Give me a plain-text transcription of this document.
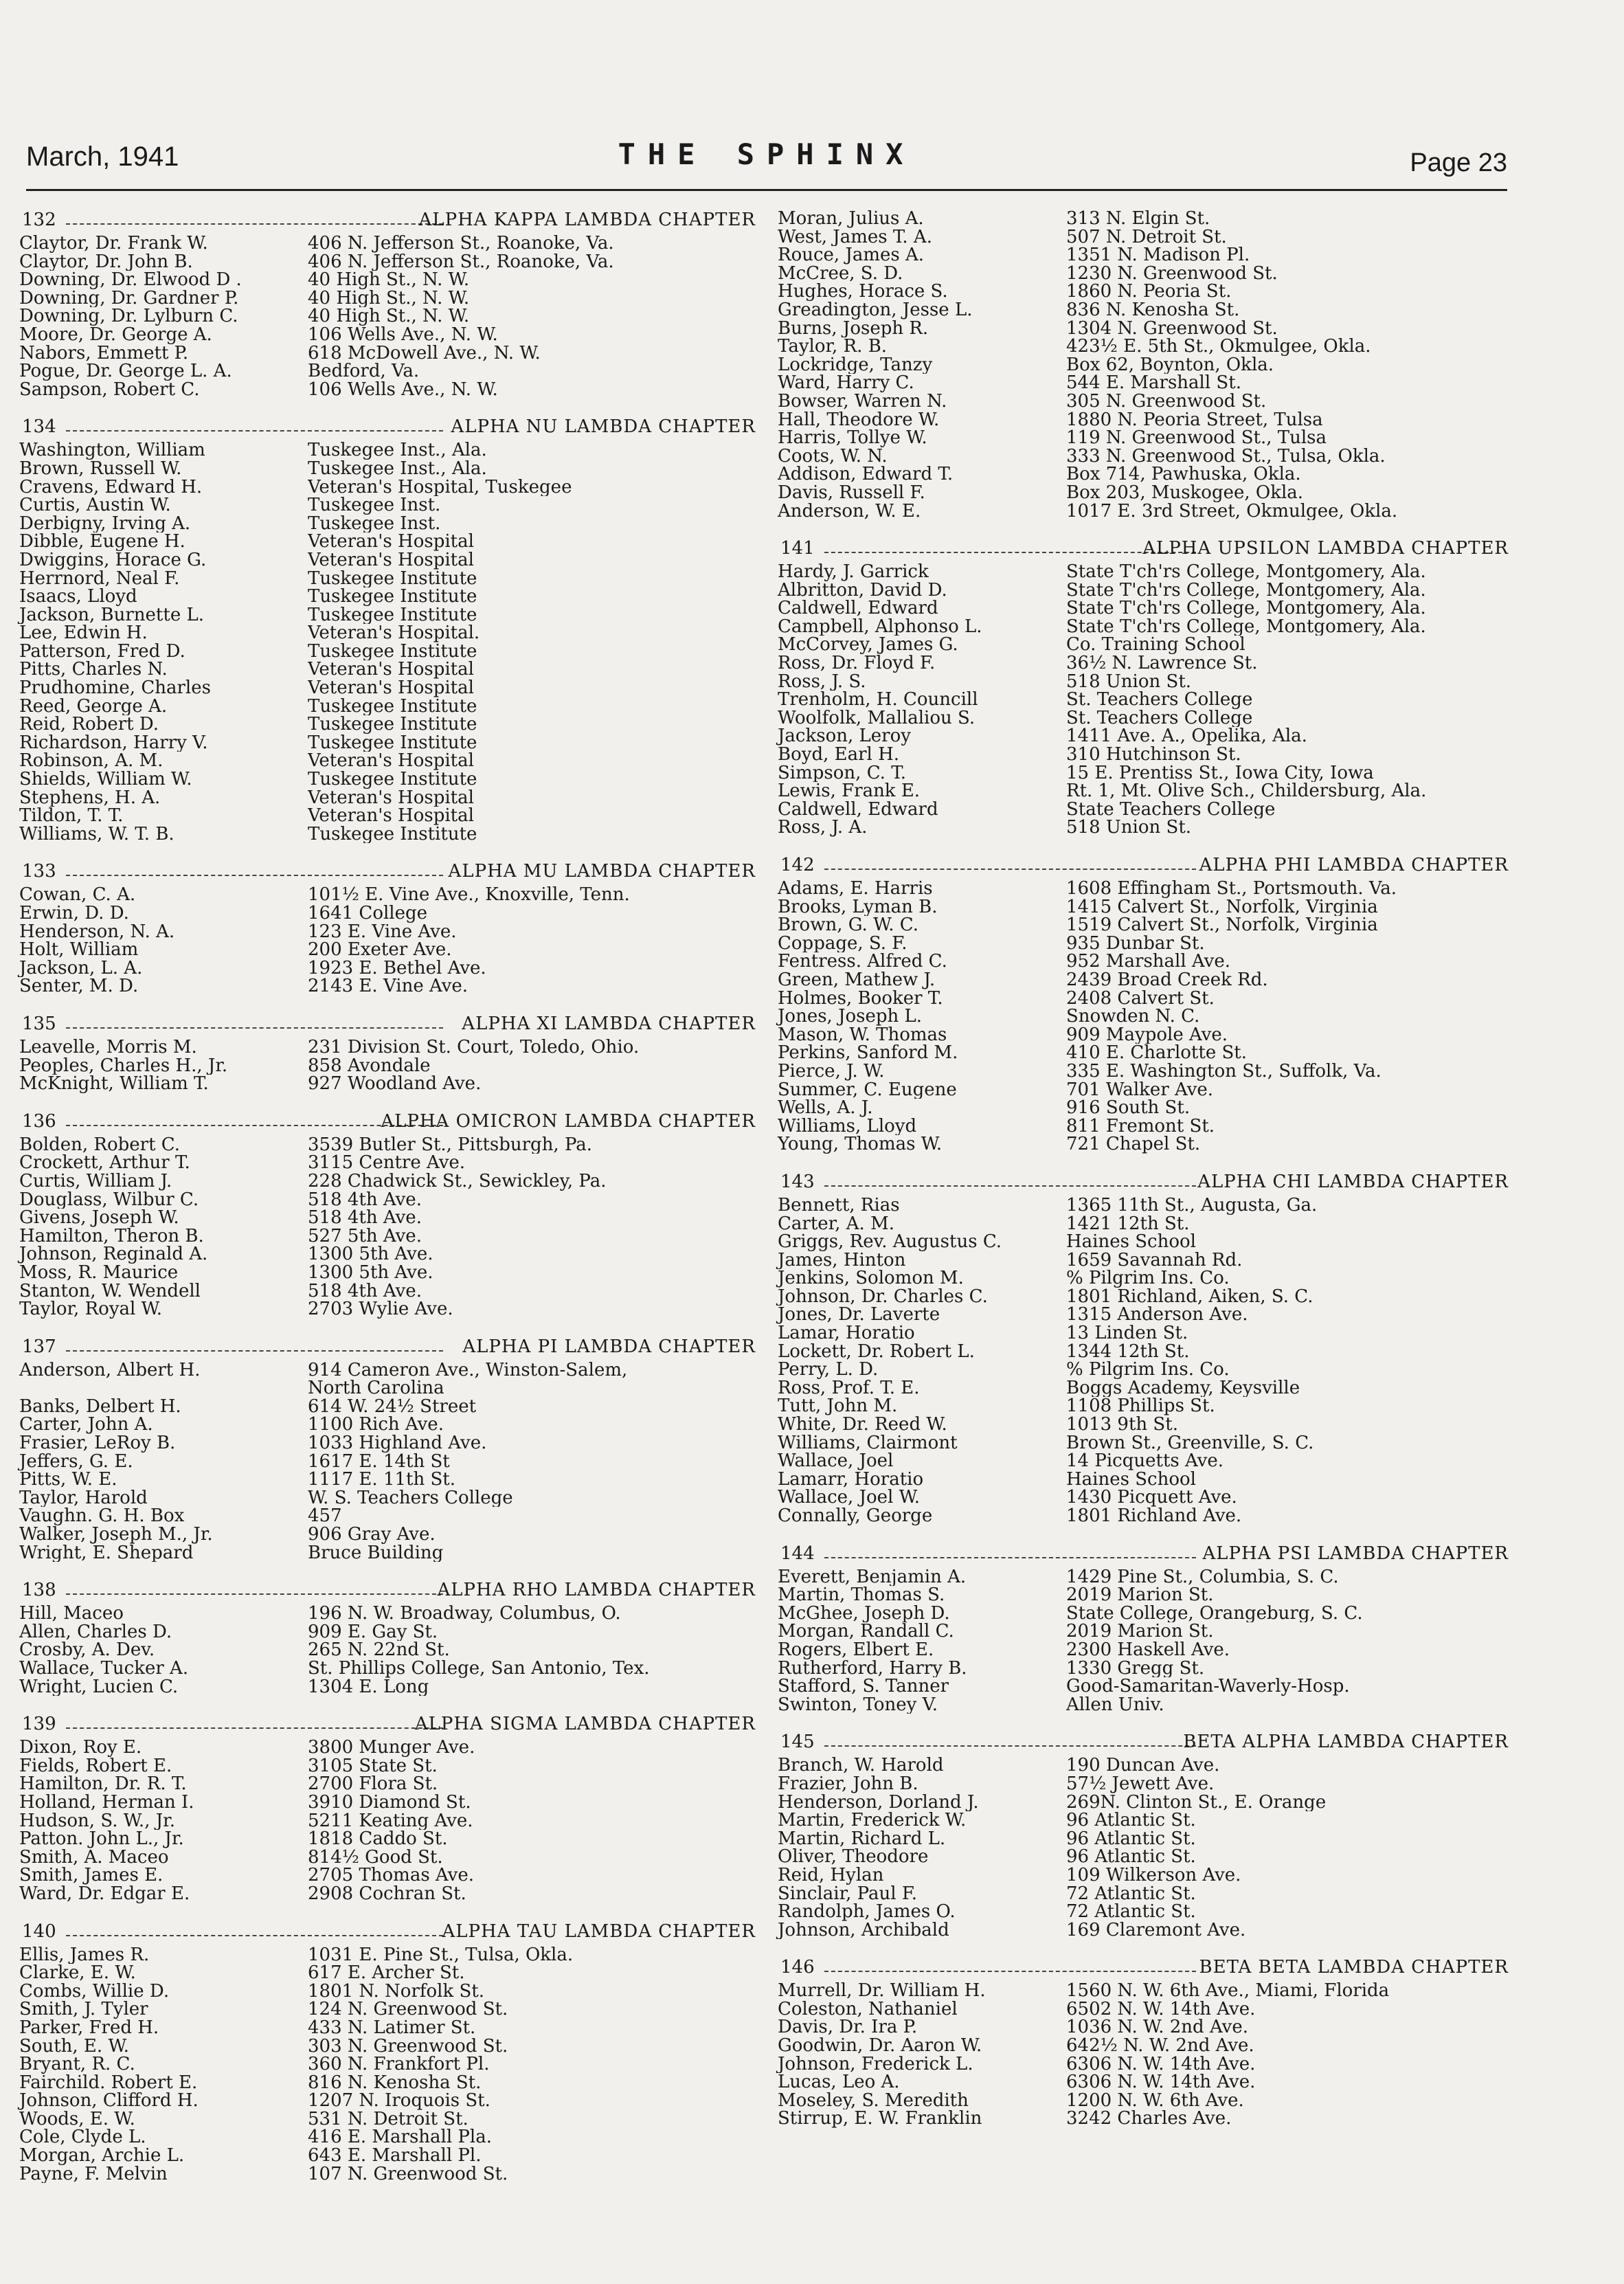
March, 1941	THE SPHINX	Page 23
132	ALPHA KAPPA LAMBDA CHAPTER
Claytor, Dr. Frank W.	406 N. Jefferson St., Roanoke, Va.
Claytor, Dr. John B.	406 N. Jefferson St., Roanoke, Va.
Downing, Dr. Elwood D .	40 High St., N. W.
Downing, Dr. Gardner P.	40 High St., N. W.
Downing, Dr. Lylburn C.	40 High St., N. W.
Moore, Dr. George A.	106 Wells Ave., N. W.
Nabors, Emmett P.	618 McDowell Ave., N. W.
Pogue, Dr. George L. A.	Bedford, Va.
Sampson, Robert C.	106 Wells Ave., N. W.
134	ALPHA NU LAMBDA CHAPTER
Washington, William	Tuskegee Inst., Ala.
Brown, Russell W.	Tuskegee Inst., Ala.
Cravens, Edward H.	Veteran's Hospital, Tuskegee
Curtis, Austin W.	Tuskegee Inst.
Derbigny, Irving A.	Tuskegee Inst.
Dibble, Eugene H.	Veteran's Hospital
Dwiggins, Horace G.	Veteran's Hospital
Herrnord, Neal F.	Tuskegee Institute
Isaacs, Lloyd	Tuskegee Institute
Jackson, Burnette L.	Tuskegee Institute
Lee, Edwin H.	Veteran's Hospital.
Patterson, Fred D.	Tuskegee Institute
Pitts, Charles N.	Veteran's Hospital
Prudhomine, Charles	Veteran's Hospital
Reed, George A.	Tuskegee Institute
Reid, Robert D.	Tuskegee Institute
Richardson, Harry V.	Tuskegee Institute
Robinson, A. M.	Veteran's Hospital
Shields, William W.	Tuskegee Institute
Stephens, H. A.	Veteran's Hospital
Tildon, T. T.	Veteran's Hospital
Williams, W. T. B.	Tuskegee Institute
133	ALPHA MU LAMBDA CHAPTER
Cowan, C. A.	101½ E. Vine Ave., Knoxville, Tenn.
Erwin, D. D.	1641 College
Henderson, N. A.	123 E. Vine Ave.
Holt, William	200 Exeter Ave.
Jackson, L. A.	1923 E. Bethel Ave.
Senter, M. D.	2143 E. Vine Ave.
135	ALPHA XI LAMBDA CHAPTER
Leavelle, Morris M.	231 Division St. Court, Toledo, Ohio.
Peoples, Charles H., Jr.	858 Avondale
McKnight, William T.	927 Woodland Ave.
136	ALPHA OMICRON LAMBDA CHAPTER
Bolden, Robert C.	3539 Butler St., Pittsburgh, Pa.
Crockett, Arthur T.	3115 Centre Ave.
Curtis, William J.	228 Chadwick St., Sewickley, Pa.
Douglass, Wilbur C.	518 4th Ave.
Givens, Joseph W.	518 4th Ave.
Hamilton, Theron B.	527 5th Ave.
Johnson, Reginald A.	1300 5th Ave.
Moss, R. Maurice	1300 5th Ave.
Stanton, W. Wendell	518 4th Ave.
Taylor, Royal W.	2703 Wylie Ave.
137	ALPHA PI LAMBDA CHAPTER
Anderson, Albert H.	914 Cameron Ave., Winston-Salem,
North Carolina
Banks, Delbert H.	614 W. 24½ Street
Carter, John A.	1100 Rich Ave.
Frasier, LeRoy B.	1033 Highland Ave.
Jeffers, G. E.	1617 E. 14th St
Pitts, W. E.	1117 E. 11th St.
Taylor, Harold	W. S. Teachers College
Vaughn. G. H. Box	457
Walker, Joseph M., Jr.	906 Gray Ave.
Wright, E. Shepard	Bruce Building
138	ALPHA RHO LAMBDA CHAPTER
Hill, Maceo	196 N. W. Broadway, Columbus, O.
Allen, Charles D.	909 E. Gay St.
Crosby, A. Dev.	265 N. 22nd St.
Wallace, Tucker A.	St. Phillips College, San Antonio, Tex.
Wright, Lucien C.	1304 E. Long
139	ALPHA SIGMA LAMBDA CHAPTER
Dixon, Roy E.	3800 Munger Ave.
Fields, Robert E.	3105 State St.
Hamilton, Dr. R. T.	2700 Flora St.
Holland, Herman I.	3910 Diamond St.
Hudson, S. W., Jr.	5211 Keating Ave.
Patton. John L., Jr.	1818 Caddo St.
Smith, A. Maceo	814½ Good St.
Smith, James E.	2705 Thomas Ave.
Ward, Dr. Edgar E.	2908 Cochran St.
140	ALPHA TAU LAMBDA CHAPTER
Ellis, James R.	1031 E. Pine St., Tulsa, Okla.
Clarke, E. W.	617 E. Archer St.
Combs, Willie D.	1801 N. Norfolk St.
Smith, J. Tyler	124 N. Greenwood St.
Parker, Fred H.	433 N. Latimer St.
South, E. W.	303 N. Greenwood St.
Bryant, R. C.	360 N. Frankfort Pl.
Fairchild. Robert E.	816 N. Kenosha St.
Johnson, Clifford H.	1207 N. Iroquois St.
Woods, E. W.	531 N. Detroit St.
Cole, Clyde L.	416 E. Marshall Pla.
Morgan, Archie L.	643 E. Marshall Pl.
Payne, F. Melvin	107 N. Greenwood St.
Moran, Julius A.	313 N. Elgin St.
West, James T. A.	507 N. Detroit St.
Rouce, James A.	1351 N. Madison Pl.
McCree, S. D.	1230 N. Greenwood St.
Hughes, Horace S.	1860 N. Peoria St.
Greadington, Jesse L.	836 N. Kenosha St.
Burns, Joseph R.	1304 N. Greenwood St.
Taylor, R. B.	423½ E. 5th St., Okmulgee, Okla.
Lockridge, Tanzy	Box 62, Boynton, Okla.
Ward, Harry C.	544 E. Marshall St.
Bowser, Warren N.	305 N. Greenwood St.
Hall, Theodore W.	1880 N. Peoria Street, Tulsa
Harris, Tollye W.	119 N. Greenwood St., Tulsa
Coots, W. N.	333 N. Greenwood St., Tulsa, Okla.
Addison, Edward T.	Box 714, Pawhuska, Okla.
Davis, Russell F.	Box 203, Muskogee, Okla.
Anderson, W. E.	1017 E. 3rd Street, Okmulgee, Okla.
141	ALPHA UPSILON LAMBDA CHAPTER
Hardy, J. Garrick	State T'ch'rs College, Montgomery, Ala.
Albritton, David D.	State T'ch'rs College, Montgomery, Ala.
Caldwell, Edward	State T'ch'rs College, Montgomery, Ala.
Campbell, Alphonso L.	State T'ch'rs College, Montgomery, Ala.
McCorvey, James G.	Co. Training School
Ross, Dr. Floyd F.	36½ N. Lawrence St.
Ross, J. S.	518 Union St.
Trenholm, H. Councill	St. Teachers College
Woolfolk, Mallaliou S.	St. Teachers College
Jackson, Leroy	1411 Ave. A., Opelika, Ala.
Boyd, Earl H.	310 Hutchinson St.
Simpson, C. T.	15 E. Prentiss St., Iowa City, Iowa
Lewis, Frank E.	Rt. 1, Mt. Olive Sch., Childersburg, Ala.
Caldwell, Edward	State Teachers College
Ross, J. A.	518 Union St.
142	ALPHA PHI LAMBDA CHAPTER
Adams, E. Harris	1608 Effingham St., Portsmouth. Va.
Brooks, Lyman B.	1415 Calvert St., Norfolk, Virginia
Brown, G. W. C.	1519 Calvert St., Norfolk, Virginia
Coppage, S. F.	935 Dunbar St.
Fentress. Alfred C.	952 Marshall Ave.
Green, Mathew J.	2439 Broad Creek Rd.
Holmes, Booker T.	2408 Calvert St.
Jones, Joseph L.	Snowden N. C.
Mason, W. Thomas	909 Maypole Ave.
Perkins, Sanford M.	410 E. Charlotte St.
Pierce, J. W.	335 E. Washington St., Suffolk, Va.
Summer, C. Eugene	701 Walker Ave.
Wells, A. J.	916 South St.
Williams, Lloyd	811 Fremont St.
Young, Thomas W.	721 Chapel St.
143	ALPHA CHI LAMBDA CHAPTER
Bennett, Rias	1365 11th St., Augusta, Ga.
Carter, A. M.	1421 12th St.
Griggs, Rev. Augustus C.	Haines School
James, Hinton	1659 Savannah Rd.
Jenkins, Solomon M.	% Pilgrim Ins. Co.
Johnson, Dr. Charles C.	1801 Richland, Aiken, S. C.
Jones, Dr. Laverte	1315 Anderson Ave.
Lamar, Horatio	13 Linden St.
Lockett, Dr. Robert L.	1344 12th St.
Perry, L. D.	% Pilgrim Ins. Co.
Ross, Prof. T. E.	Boggs Academy, Keysville
Tutt, John M.	1108 Phillips St.
White, Dr. Reed W.	1013 9th St.
Williams, Clairmont	Brown St., Greenville, S. C.
Wallace, Joel	14 Picquetts Ave.
Lamarr, Horatio	Haines School
Wallace, Joel W.	1430 Picquett Ave.
Connally, George	1801 Richland Ave.
144	ALPHA PSI LAMBDA CHAPTER
Everett, Benjamin A.	1429 Pine St., Columbia, S. C.
Martin, Thomas S.	2019 Marion St.
McGhee, Joseph D.	State College, Orangeburg, S. C.
Morgan, Randall C.	2019 Marion St.
Rogers, Elbert E.	2300 Haskell Ave.
Rutherford, Harry B.	1330 Gregg St.
Stafford, S. Tanner	Good-Samaritan-Waverly-Hosp.
Swinton, Toney V.	Allen Univ.
145	BETA ALPHA LAMBDA CHAPTER
Branch, W. Harold	190 Duncan Ave.
Frazier, John B.	57½ Jewett Ave.
Henderson, Dorland J.	269N. Clinton St., E. Orange
Martin, Frederick W.	96 Atlantic St.
Martin, Richard L.	96 Atlantic St.
Oliver, Theodore	96 Atlantic St.
Reid, Hylan	109 Wilkerson Ave.
Sinclair, Paul F.	72 Atlantic St.
Randolph, James O.	72 Atlantic St.
Johnson, Archibald	169 Claremont Ave.
146	BETA BETA LAMBDA CHAPTER
Murrell, Dr. William H.	1560 N. W. 6th Ave., Miami, Florida
Coleston, Nathaniel	6502 N. W. 14th Ave.
Davis, Dr. Ira P.	1036 N. W. 2nd Ave.
Goodwin, Dr. Aaron W.	642½ N. W. 2nd Ave.
Johnson, Frederick L.	6306 N. W. 14th Ave.
Lucas, Leo A.	6306 N. W. 14th Ave.
Moseley, S. Meredith	1200 N. W. 6th Ave.
Stirrup, E. W. Franklin	3242 Charles Ave.
